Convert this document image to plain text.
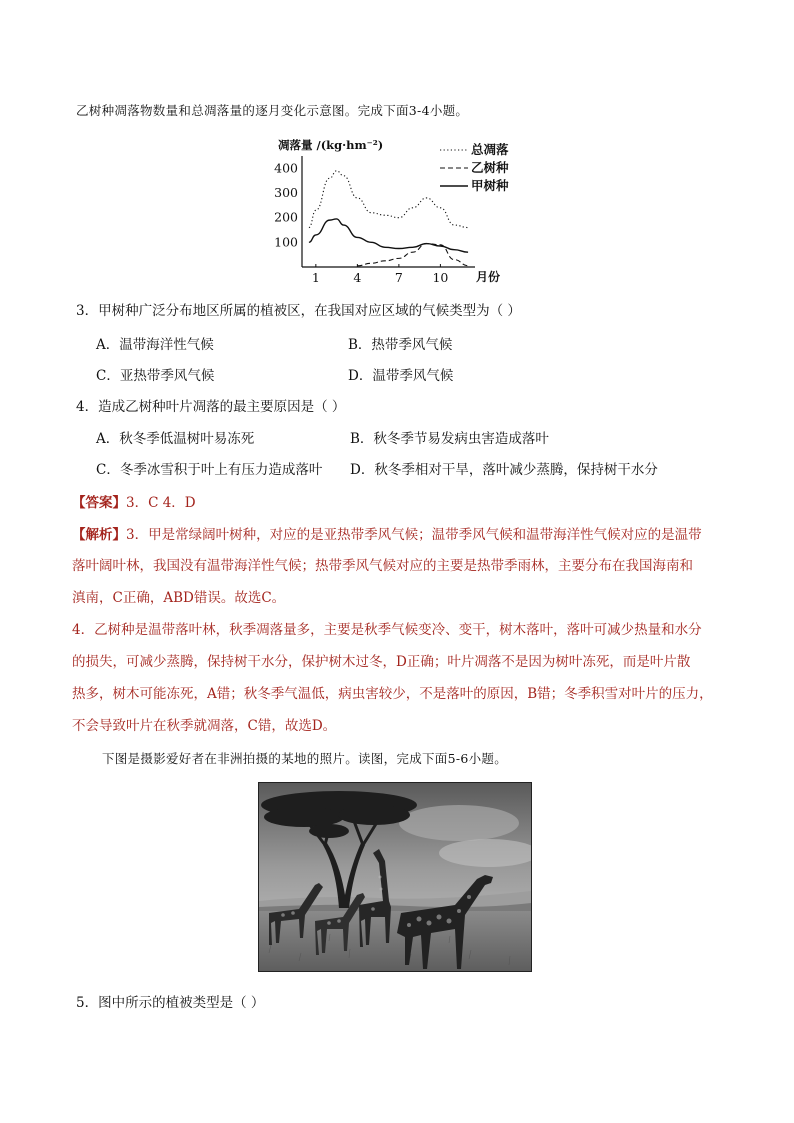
乙树种凋落物数量和总凋落量的逐月变化示意图。完成下面3-4小题。
凋落量 /(kg·hm⁻²)
月份
100
200
300
400
1	4	7 10
总凋落
乙树种
甲树种
3．甲树种广泛分布地区所属的植被区，在我国对应区域的气候类型为（ ）
A．温带海洋性气候	B．热带季风气候
C．亚热带季风气候	D．温带季风气候
4．造成乙树种叶片凋落的最主要原因是（ ）
A．秋冬季低温树叶易冻死	B．秋冬季节易发病虫害造成落叶
C．冬季冰雪积于叶上有压力造成落叶 D．秋冬季相对干旱，落叶减少蒸腾，保持树干水分
【答案】3．C 4．D
【解析】3．甲是常绿阔叶树种，对应的是亚热带季风气候；温带季风气候和温带海洋性气候对应的是温带
落叶阔叶林，我国没有温带海洋性气候；热带季风气候对应的主要是热带季雨林，主要分布在我国海南和
滇南，C正确，ABD错误。故选C。
4．乙树种是温带落叶林，秋季凋落量多，主要是秋季气候变冷、变干，树木落叶，落叶可减少热量和水分
的损失，可减少蒸腾，保持树干水分，保护树木过冬，D正确；叶片凋落不是因为树叶冻死，而是叶片散
热多，树木可能冻死，A错；秋冬季气温低，病虫害较少，不是落叶的原因，B错；冬季积雪对叶片的压力，
不会导致叶片在秋季就凋落，C错，故选D。
下图是摄影爱好者在非洲拍摄的某地的照片。读图，完成下面5-6小题。
5．图中所示的植被类型是（ ）
